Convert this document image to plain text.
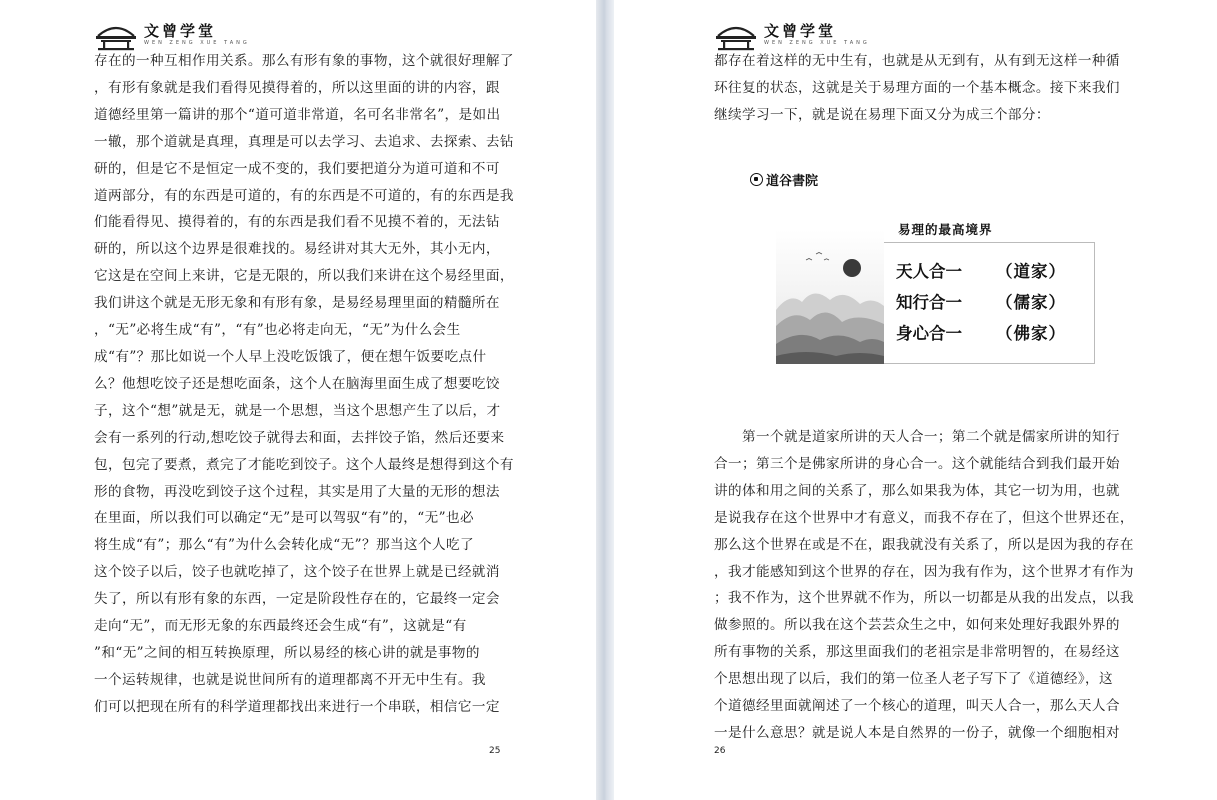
文曾学堂
WEN ZENG XUE TANG

存在的一种互相作用关系。那么有形有象的事物，这个就很好理解了

，有形有象就是我们看得见摸得着的，所以这里面的讲的内容，跟

道德经里第一篇讲的那个“道可道非常道，名可名非常名”，是如出

一辙，那个道就是真理，真理是可以去学习、去追求、去探索、去钻

研的，但是它不是恒定一成不变的，我们要把道分为道可道和不可

道两部分，有的东西是可道的，有的东西是不可道的，有的东西是我

们能看得见、摸得着的，有的东西是我们看不见摸不着的，无法钻

研的，所以这个边界是很难找的。易经讲对其大无外，其小无内，

它这是在空间上来讲，它是无限的，所以我们来讲在这个易经里面，

我们讲这个就是无形无象和有形有象，是易经易理里面的精髓所在

，“无”必将生成“有”，“有”也必将走向无，“无”为什么会生

成“有”？那比如说一个人早上没吃饭饿了，便在想午饭要吃点什

么？他想吃饺子还是想吃面条，这个人在脑海里面生成了想要吃饺

子，这个“想”就是无，就是一个思想，当这个思想产生了以后，才

会有一系列的行动,想吃饺子就得去和面，去拌饺子馅，然后还要来

包，包完了要煮，煮完了才能吃到饺子。这个人最终是想得到这个有

形的食物，再没吃到饺子这个过程，其实是用了大量的无形的想法

在里面，所以我们可以确定“无”是可以驾驭“有”的，“无”也必

将生成“有”；那么“有”为什么会转化成“无”？那当这个人吃了

这个饺子以后，饺子也就吃掉了，这个饺子在世界上就是已经就消

失了，所以有形有象的东西，一定是阶段性存在的，它最终一定会

走向“无”，而无形无象的东西最终还会生成“有”，这就是“有

”和“无”之间的相互转换原理，所以易经的核心讲的就是事物的

一个运转规律，也就是说世间所有的道理都离不开无中生有。我

们可以把现在所有的科学道理都找出来进行一个串联，相信它一定

25
文曾学堂
WEN ZENG XUE TANG

都存在着这样的无中生有，也就是从无到有，从有到无这样一种循

环往复的状态，这就是关于易理方面的一个基本概念。接下来我们

继续学习一下，就是说在易理下面又分为成三个部分：

道谷書院
易理的最高境界
天人合一	（道家）
知行合一	（儒家）
身心合一	（佛家）

　　第一个就是道家所讲的天人合一；第二个就是儒家所讲的知行

合一；第三个是佛家所讲的身心合一。这个就能结合到我们最开始

讲的体和用之间的关系了，那么如果我为体，其它一切为用，也就

是说我存在这个世界中才有意义，而我不存在了，但这个世界还在，

那么这个世界在或是不在，跟我就没有关系了，所以是因为我的存在

，我才能感知到这个世界的存在，因为我有作为，这个世界才有作为

；我不作为，这个世界就不作为，所以一切都是从我的出发点，以我

做参照的。所以我在这个芸芸众生之中，如何来处理好我跟外界的

所有事物的关系，那这里面我们的老祖宗是非常明智的，在易经这

个思想出现了以后，我们的第一位圣人老子写下了《道德经》，这

个道德经里面就阐述了一个核心的道理，叫天人合一，那么天人合

一是什么意思？就是说人本是自然界的一份子，就像一个细胞相对

26
